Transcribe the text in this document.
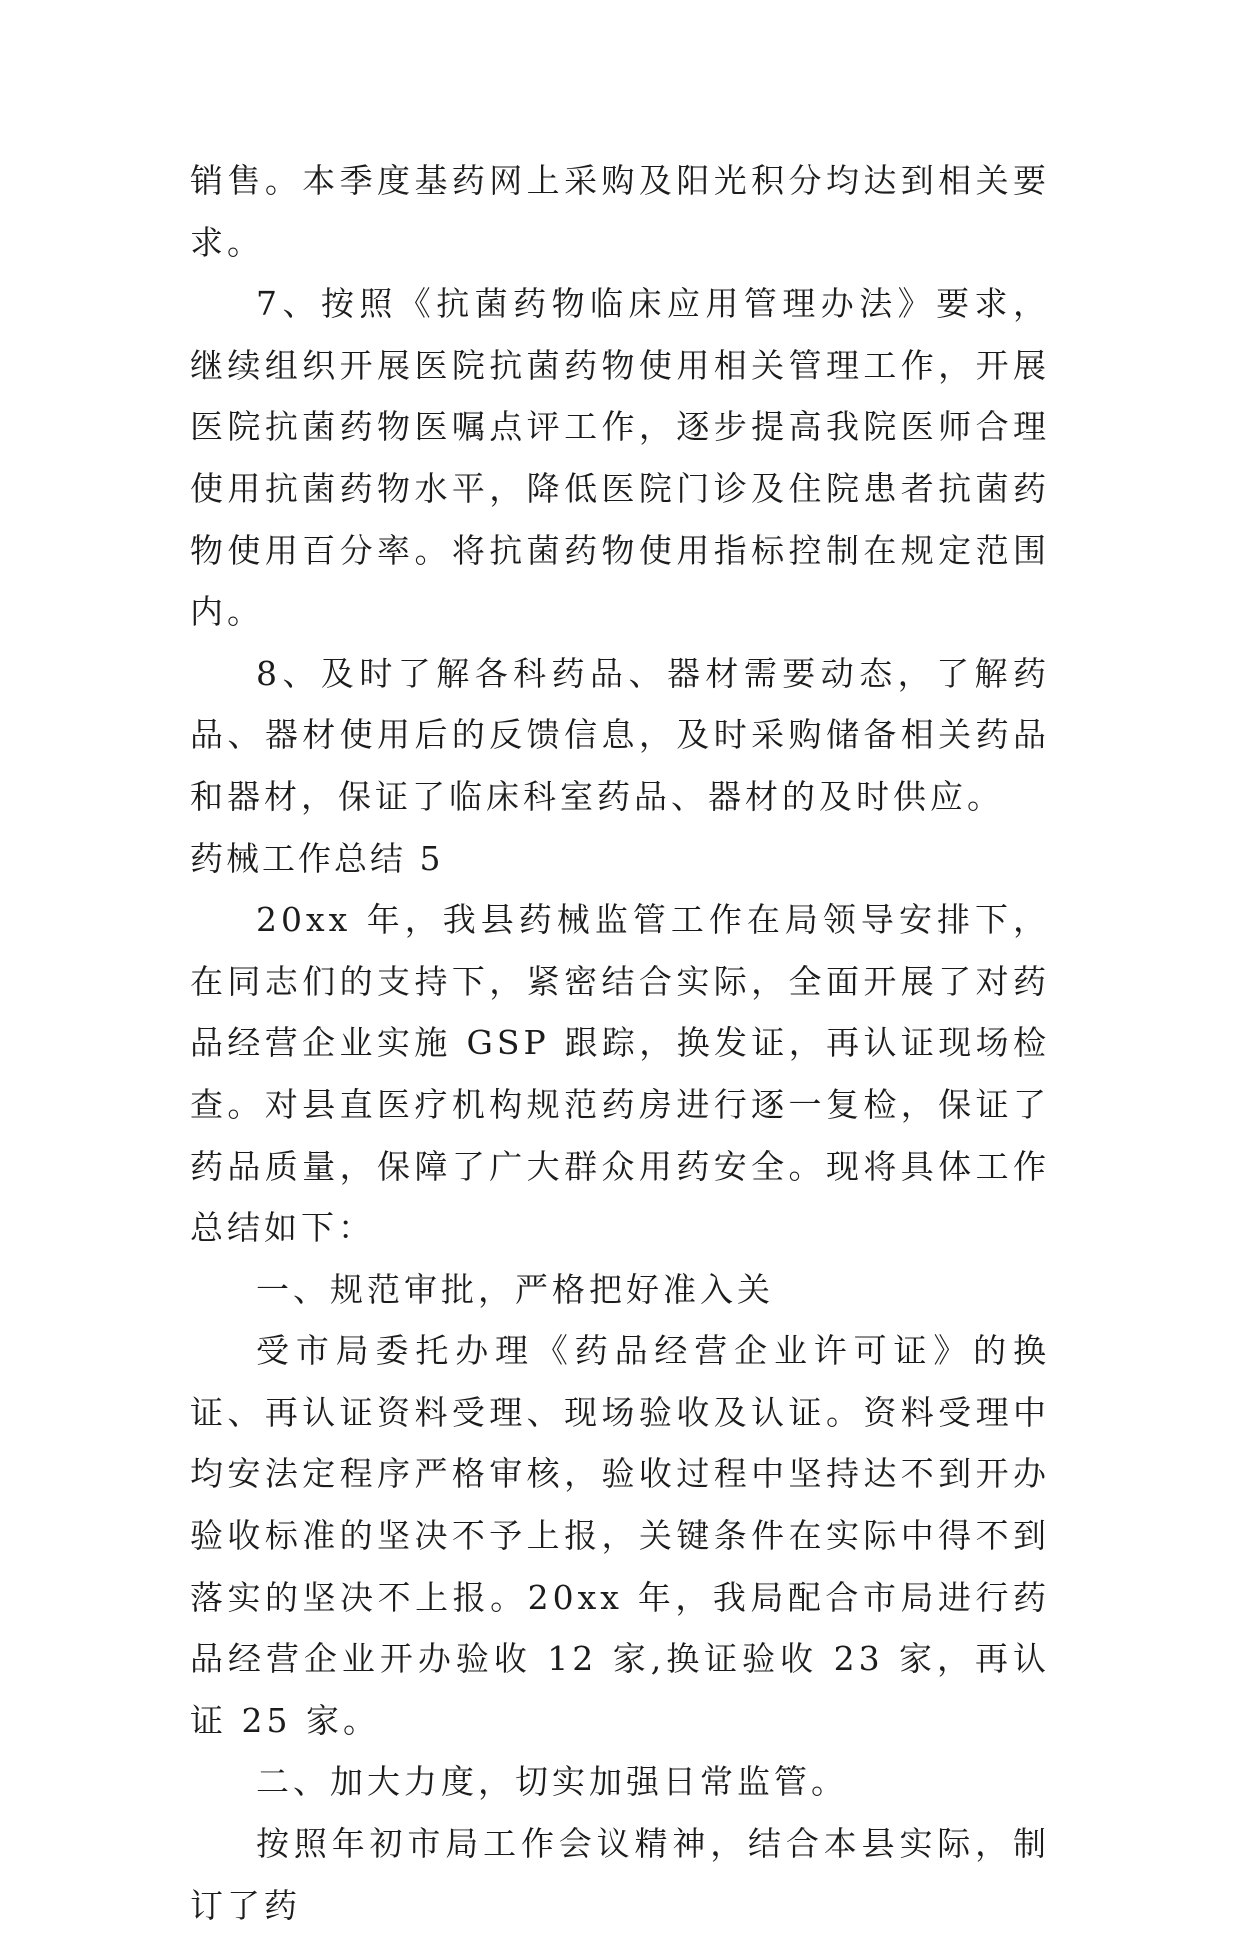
销售。本季度基药网上采购及阳光积分均达到相关要求。

7、按照《抗菌药物临床应用管理办法》要求，继续组织开展医院抗菌药物使用相关管理工作，开展医院抗菌药物医嘱点评工作，逐步提高我院医师合理使用抗菌药物水平，降低医院门诊及住院患者抗菌药物使用百分率。将抗菌药物使用指标控制在规定范围内。

8、及时了解各科药品、器材需要动态，了解药品、器材使用后的反馈信息，及时采购储备相关药品和器材，保证了临床科室药品、器材的及时供应。

药械工作总结 5

20xx 年，我县药械监管工作在局领导安排下，在同志们的支持下，紧密结合实际，全面开展了对药品经营企业实施 GSP 跟踪，换发证，再认证现场检查。对县直医疗机构规范药房进行逐一复检，保证了药品质量，保障了广大群众用药安全。现将具体工作总结如下：

一、规范审批，严格把好准入关

受市局委托办理《药品经营企业许可证》的换证、再认证资料受理、现场验收及认证。资料受理中均安法定程序严格审核，验收过程中坚持达不到开办验收标准的坚决不予上报，关键条件在实际中得不到落实的坚决不上报。20xx 年，我局配合市局进行药品经营企业开办验收 12 家,换证验收 23 家，再认证 25 家。

二、加大力度，切实加强日常监管。

按照年初市局工作会议精神，结合本县实际，制订了药
